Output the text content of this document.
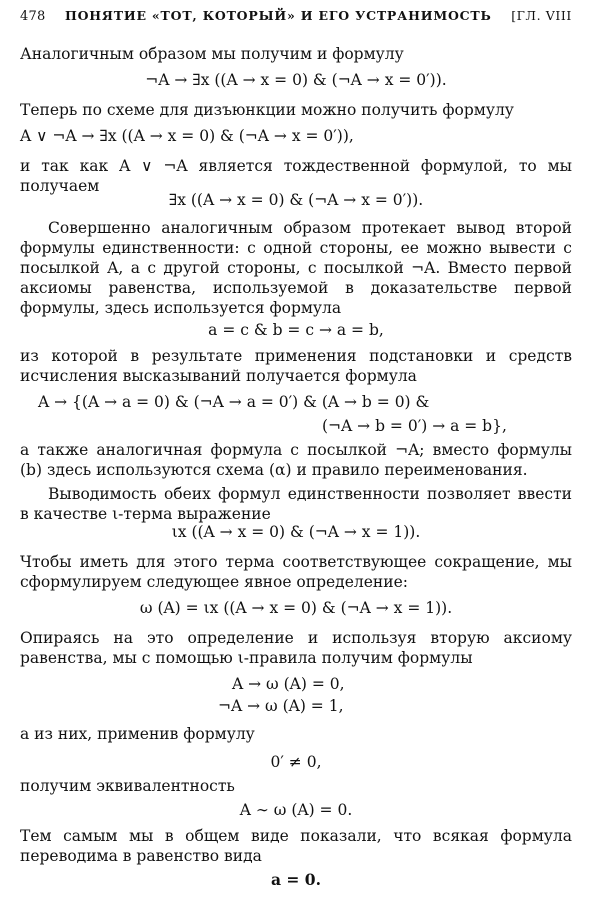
478 ПОНЯТИЕ «ТОТ, КОТОРЫЙ» И ЕГО УСТРАНИМОСТЬ [ГЛ. VIII
Аналогичным образом мы получим и формулу
¬A → ∃x ((A → x = 0) & (¬A → x = 0′)).
Теперь по схеме для дизъюнкции можно получить формулу
A ∨ ¬A → ∃x ((A → x = 0) & (¬A → x = 0′)),
и так как A ∨ ¬A является тождественной формулой, то мы получаем
∃x ((A → x = 0) & (¬A → x = 0′)).
Совершенно аналогичным образом протекает вывод второй формулы единственности: с одной стороны, ее можно вывести с посылкой A, а с другой стороны, с посылкой ¬A. Вместо первой аксиомы равенства, используемой в доказательстве первой формулы, здесь используется формула
a = c & b = c → a = b,
из которой в результате применения подстановки и средств исчисления высказываний получается формула
A → {(A → a = 0) & (¬A → a = 0′) & (A → b = 0) &
(¬A → b = 0′) → a = b},
а также аналогичная формула с посылкой ¬A; вместо формулы (b) здесь используются схема (α) и правило переименования.
Выводимость обеих формул единственности позволяет ввести в качестве ι-терма выражение
ιx ((A → x = 0) & (¬A → x = 1)).
Чтобы иметь для этого терма соответствующее сокращение, мы сформулируем следующее явное определение:
ω (A) = ιx ((A → x = 0) & (¬A → x = 1)).
Опираясь на это определение и используя вторую аксиому равенства, мы с помощью ι-правила получим формулы
A → ω (A) = 0,
¬A → ω (A) = 1,
а из них, применив формулу
0′ ≠ 0,
получим эквивалентность
A ∼ ω (A) = 0.
Тем самым мы в общем виде показали, что всякая формула переводима в равенство вида
a = 0.
